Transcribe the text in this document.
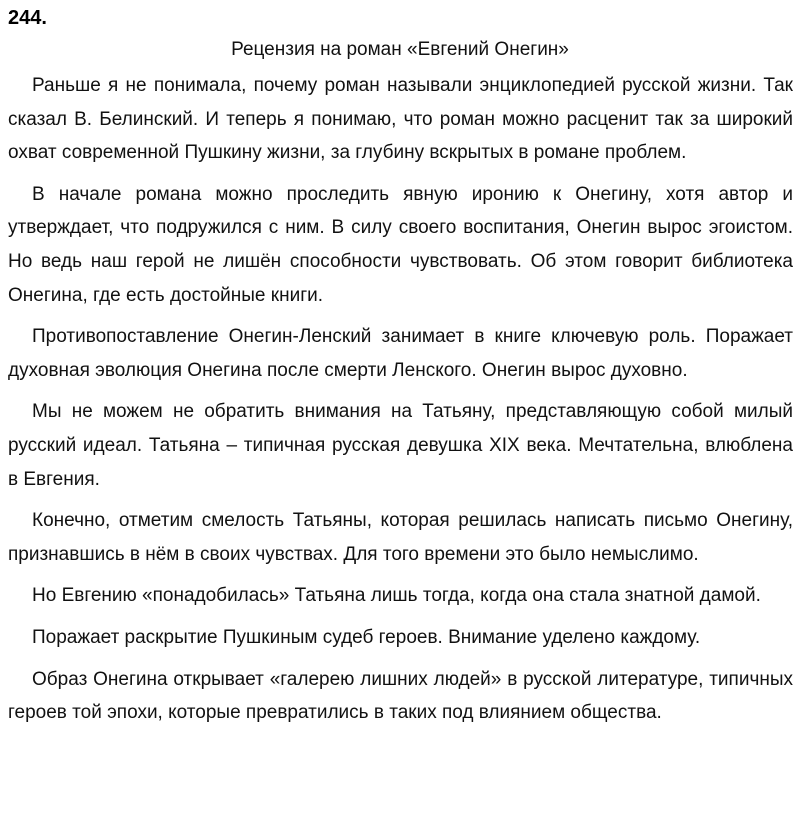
244.
Рецензия на роман «Евгений Онегин»

Раньше я не понимала, почему роман называли энциклопедией русской жизни. Так сказал В. Белинский. И теперь я понимаю, что роман можно расценит так за широкий охват современной Пушкину жизни, за глубину вскрытых в романе проблем.

В начале романа можно проследить явную иронию к Онегину, хотя автор и утверждает, что подружился с ним. В силу своего воспитания, Онегин вырос эгоистом. Но ведь наш герой не лишён способности чувствовать. Об этом говорит библиотека Онегина, где есть достойные книги.

Противопоставление Онегин-Ленский занимает в книге ключевую роль. Поражает духовная эволюция Онегина после смерти Ленского. Онегин вырос духовно.

Мы не можем не обратить внимания на Татьяну, представляющую собой милый русский идеал. Татьяна – типичная русская девушка XIX века. Мечтательна, влюблена в Евгения.

Конечно, отметим смелость Татьяны, которая решилась написать письмо Онегину, признавшись в нём в своих чувствах. Для того времени это было немыслимо.

Но Евгению «понадобилась» Татьяна лишь тогда, когда она стала знатной дамой.

Поражает раскрытие Пушкиным судеб героев. Внимание уделено каждому.

Образ Онегина открывает «галерею лишних людей» в русской литературе, типичных героев той эпохи, которые превратились в таких под влиянием общества.
